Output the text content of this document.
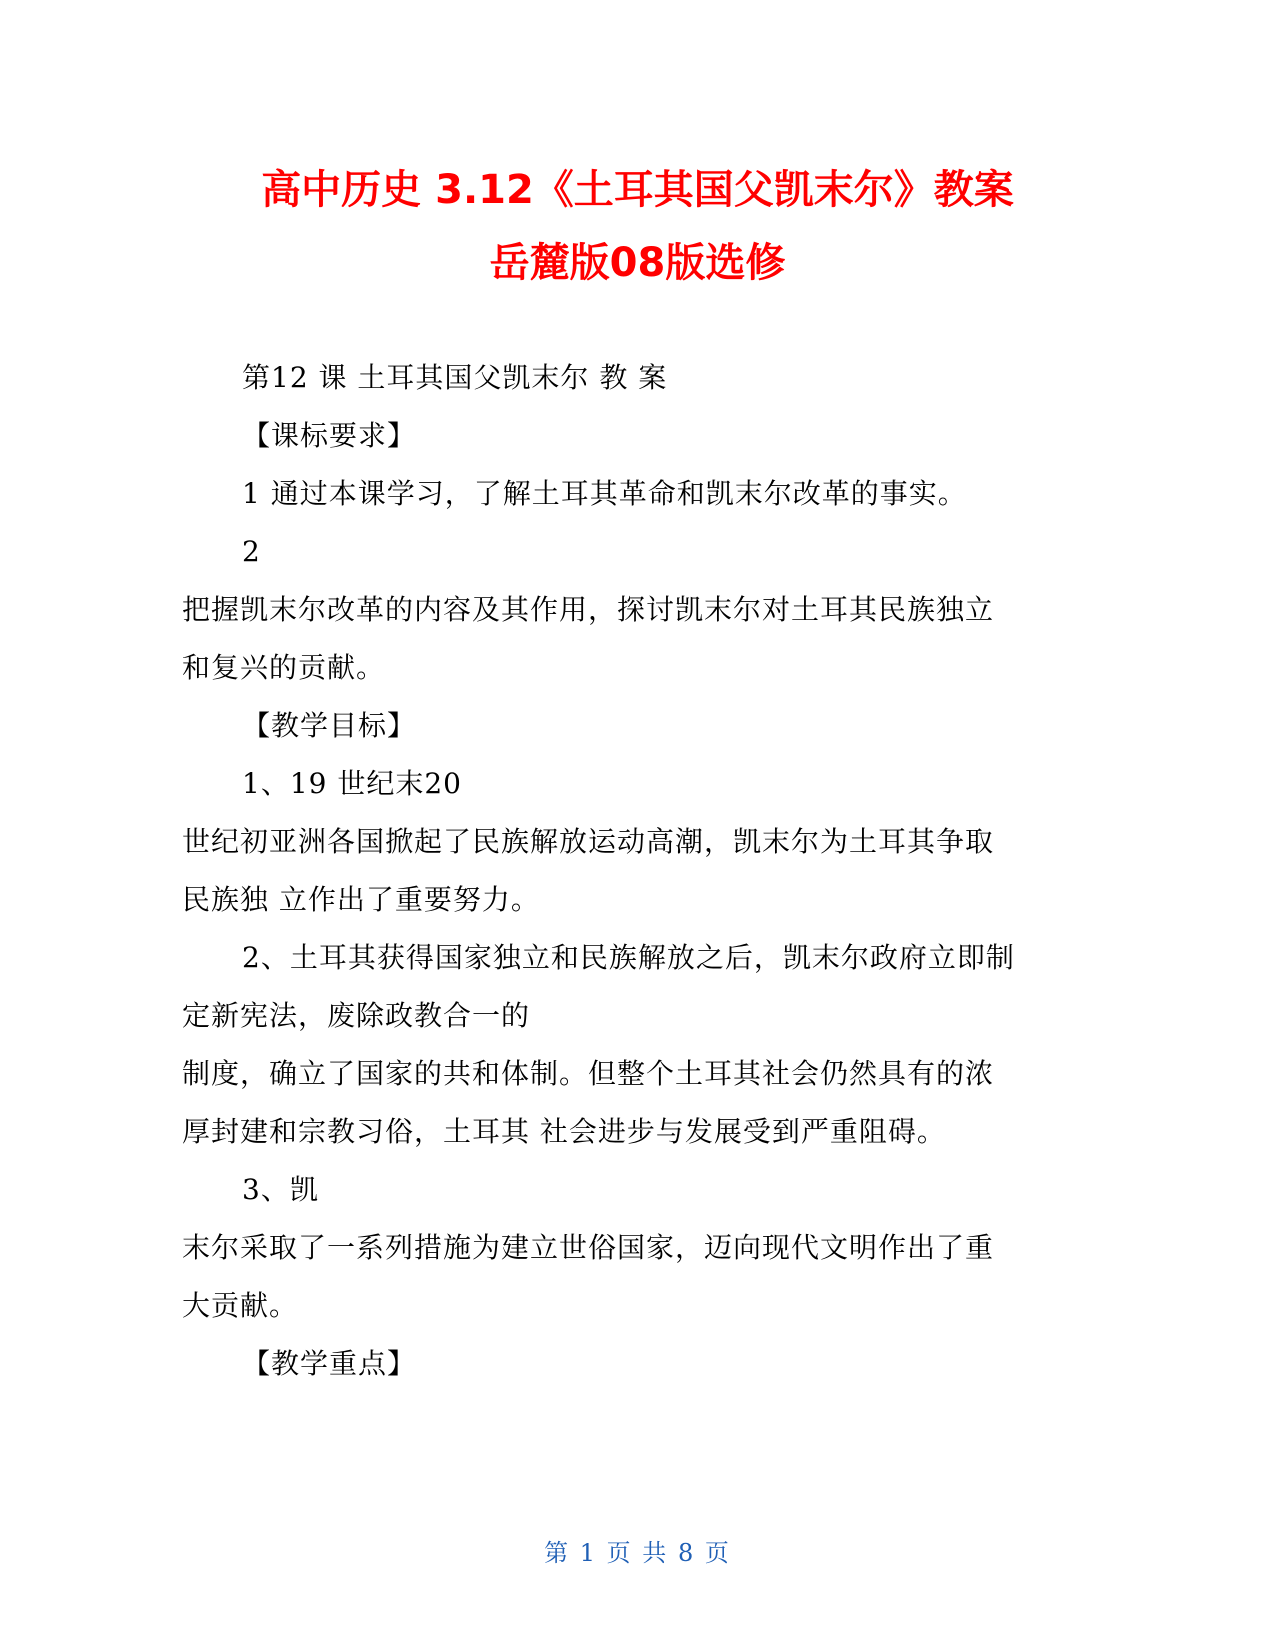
高中历史 3.12《土耳其国父凯末尔》教案
岳麓版08版选修
第12 课 土耳其国父凯末尔 教 案
【课标要求】
1 通过本课学习，了解土耳其革命和凯末尔改革的事实。
2
把握凯末尔改革的内容及其作用，探讨凯末尔对土耳其民族独立
和复兴的贡献。
【教学目标】
1、19 世纪末20
世纪初亚洲各国掀起了民族解放运动高潮，凯末尔为土耳其争取
民族独 立作出了重要努力。
2、土耳其获得国家独立和民族解放之后，凯末尔政府立即制
定新宪法，废除政教合一的
制度，确立了国家的共和体制。但整个土耳其社会仍然具有的浓
厚封建和宗教习俗，土耳其 社会进步与发展受到严重阻碍。
3、凯
末尔采取了一系列措施为建立世俗国家，迈向现代文明作出了重
大贡献。
【教学重点】
第 1 页 共 8 页
